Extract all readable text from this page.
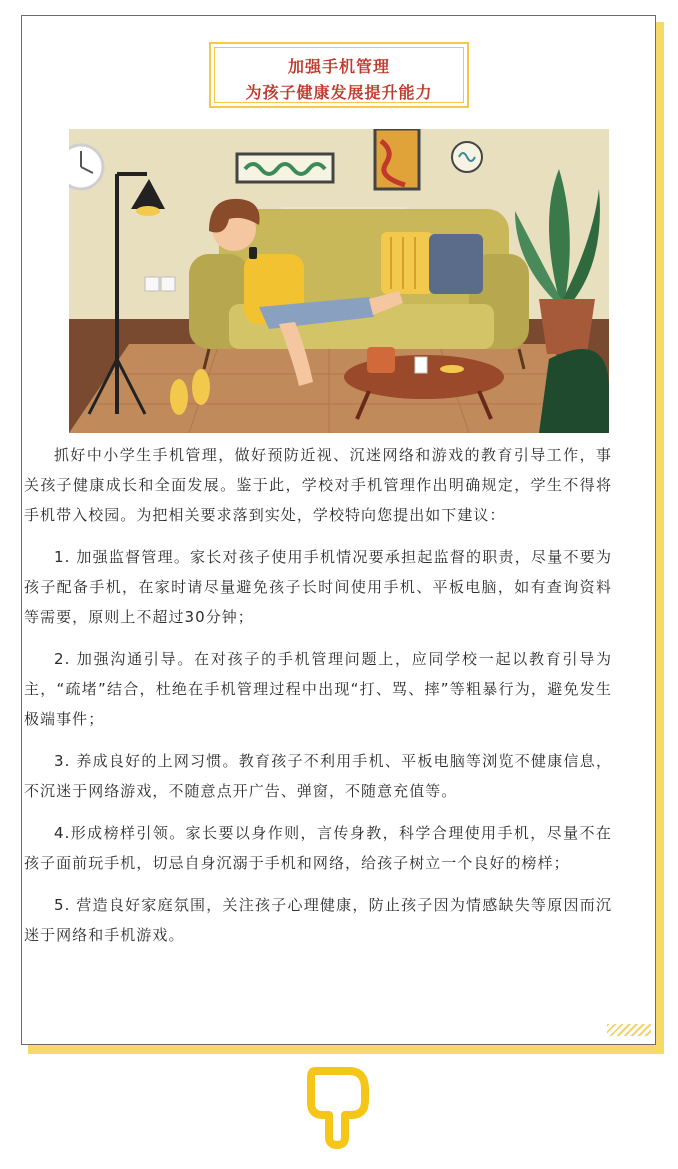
加强手机管理
为孩子健康发展提升能力

抓好中小学生手机管理，做好预防近视、沉迷网络和游戏的教育引导工作，事关孩子健康成长和全面发展。鉴于此，学校对手机管理作出明确规定，学生不得将手机带入校园。为把相关要求落到实处，学校特向您提出如下建议：

1. 加强监督管理。家长对孩子使用手机情况要承担起监督的职责，尽量不要为孩子配备手机，在家时请尽量避免孩子长时间使用手机、平板电脑，如有查询资料等需要，原则上不超过30分钟；

2. 加强沟通引导。在对孩子的手机管理问题上，应同学校一起以教育引导为主，“疏堵”结合，杜绝在手机管理过程中出现“打、骂、摔”等粗暴行为，避免发生极端事件；

3. 养成良好的上网习惯。教育孩子不利用手机、平板电脑等浏览不健康信息，不沉迷于网络游戏，不随意点开广告、弹窗，不随意充值等。

4.形成榜样引领。家长要以身作则，言传身教，科学合理使用手机，尽量不在孩子面前玩手机，切忌自身沉溺于手机和网络，给孩子树立一个良好的榜样；

5. 营造良好家庭氛围，关注孩子心理健康，防止孩子因为情感缺失等原因而沉迷于网络和手机游戏。
